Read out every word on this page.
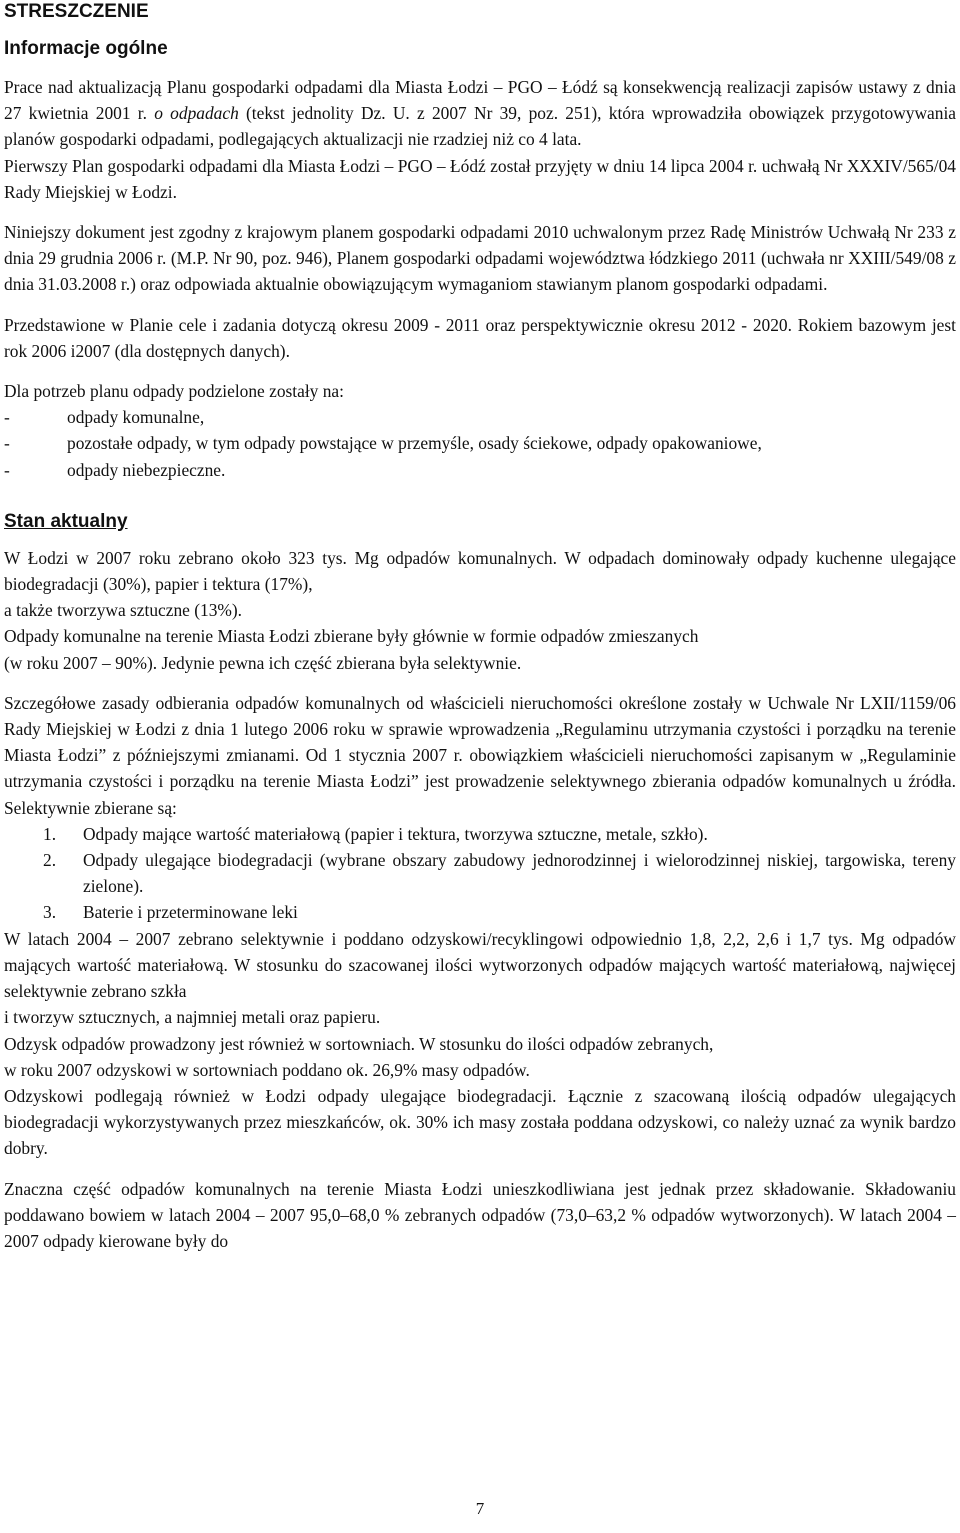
STRESZCZENIE
Informacje ogólne

Prace nad aktualizacją Planu gospodarki odpadami dla Miasta Łodzi – PGO – Łódź są konsekwencją realizacji zapisów ustawy z dnia 27 kwietnia 2001 r. o odpadach (tekst jednolity Dz. U. z 2007 Nr 39, poz. 251), która wprowadziła obowiązek przygotowywania planów gospodarki odpadami, podlegających aktualizacji nie rzadziej niż co 4 lata.

Pierwszy Plan gospodarki odpadami dla Miasta Łodzi – PGO – Łódź został przyjęty w dniu 14 lipca 2004 r. uchwałą Nr XXXIV/565/04 Rady Miejskiej w Łodzi.

Niniejszy dokument jest zgodny z krajowym planem gospodarki odpadami 2010 uchwalonym przez Radę Ministrów Uchwałą Nr 233 z dnia 29 grudnia 2006 r. (M.P. Nr 90, poz. 946), Planem gospodarki odpadami województwa łódzkiego 2011 (uchwała nr XXIII/549/08 z dnia 31.03.2008 r.) oraz odpowiada aktualnie obowiązującym wymaganiom stawianym planom gospodarki odpadami.

Przedstawione w Planie cele i zadania dotyczą okresu 2009 - 2011 oraz perspektywicznie okresu 2012 - 2020. Rokiem bazowym jest rok 2006 i2007 (dla dostępnych danych).

Dla potrzeb planu odpady podzielone zostały na:

- odpady komunalne,
- pozostałe odpady, w tym odpady powstające w przemyśle, osady ściekowe, odpady opakowaniowe,
- odpady niebezpieczne.
Stan aktualny

W Łodzi w 2007 roku zebrano około 323 tys. Mg odpadów komunalnych. W odpadach dominowały odpady kuchenne ulegające biodegradacji (30%), papier i tektura (17%),

a także tworzywa sztuczne (13%).

Odpady komunalne na terenie Miasta Łodzi zbierane były głównie w formie odpadów zmieszanych

(w roku 2007 – 90%). Jedynie pewna ich część zbierana była selektywnie.

Szczegółowe zasady odbierania odpadów komunalnych od właścicieli nieruchomości określone zostały w Uchwale Nr LXII/1159/06 Rady Miejskiej w Łodzi z dnia 1 lutego 2006 roku w sprawie wprowadzenia „Regulaminu utrzymania czystości i porządku na terenie Miasta Łodzi” z późniejszymi zmianami. Od 1 stycznia 2007 r. obowiązkiem właścicieli nieruchomości zapisanym w „Regulaminie utrzymania czystości i porządku na terenie Miasta Łodzi” jest prowadzenie selektywnego zbierania odpadów komunalnych u źródła. Selektywnie zbierane są:

1. Odpady mające wartość materiałową (papier i tektura, tworzywa sztuczne, metale, szkło).
2. Odpady ulegające biodegradacji (wybrane obszary zabudowy jednorodzinnej i wielorodzinnej niskiej, targowiska, tereny zielone).
3. Baterie i przeterminowane leki

W latach 2004 – 2007 zebrano selektywnie i poddano odzyskowi/recyklingowi odpowiednio 1,8, 2,2, 2,6 i 1,7 tys. Mg odpadów mających wartość materiałową. W stosunku do szacowanej ilości wytworzonych odpadów mających wartość materiałową, najwięcej selektywnie zebrano szkła

i tworzyw sztucznych, a najmniej metali oraz papieru.

Odzysk odpadów prowadzony jest również w sortowniach. W stosunku do ilości odpadów zebranych,

w roku 2007 odzyskowi w sortowniach poddano ok. 26,9% masy odpadów.

Odzyskowi podlegają również w Łodzi odpady ulegające biodegradacji. Łącznie z szacowaną ilością odpadów ulegających biodegradacji wykorzystywanych przez mieszkańców, ok. 30% ich masy została poddana odzyskowi, co należy uznać za wynik bardzo dobry.

Znaczna część odpadów komunalnych na terenie Miasta Łodzi unieszkodliwiana jest jednak przez składowanie. Składowaniu poddawano bowiem w latach 2004 – 2007 95,0–68,0 % zebranych odpadów (73,0–63,2 % odpadów wytworzonych). W latach 2004 – 2007 odpady kierowane były do

7
